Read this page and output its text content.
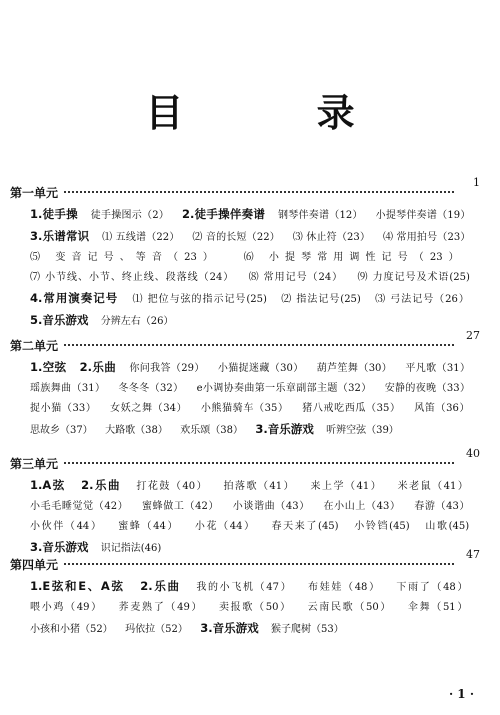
目 录
第一单元
1
1.徒手操 徒手操图示（2） 2.徒手操伴奏谱 钢琴伴奏谱（12） 小提琴伴奏谱（19）  3.乐谱常识 ⑴ 五线谱（22） ⑵ 音的长短（22） ⑶ 休止符（23） ⑷ 常用拍号（23）  ⑸ 变音记号、等音（23） ⑹ 小提琴常用调性记号（23）  ⑺ 小节线、小节、终止线、段落线（24） ⑻ 常用记号（24） ⑼ 力度记号及术语(25)  4.常用演奏记号 ⑴ 把位与弦的指示记号(25) ⑵ 指法记号(25) ⑶ 弓法记号（26）  5.音乐游戏 分辨左右（26）
第二单元
27
1.空弦 2.乐曲 你问我答（29） 小猫捉迷藏（30） 葫芦笙舞（30） 平凡歌（31）  瑶族舞曲（31） 冬冬冬（32） e小调协奏曲第一乐章副部主题（32） 安静的夜晚（33）  捉小猫（33） 女妖之舞（34） 小熊猫骑车（35） 猪八戒吃西瓜（35） 风笛（36）  思故乡（37） 大路歌（38） 欢乐颂（38） 3.音乐游戏 听辨空弦（39）
第三单元
40
1.A弦 2.乐曲 打花鼓（40） 拍落歌（41） 来上学（41） 米老鼠（41）  小毛毛睡觉觉（42） 蜜蜂做工（42） 小谈谐曲（43） 在小山上（43） 春游（43）  小伙伴（44） 蜜蜂（44） 小花（44） 春天来了(45) 小铃铛(45) 山歌(45)  3.音乐游戏 识记指法(46)
第四单元
47
1.E弦和E、A弦 2.乐曲 我的小飞机（47） 布娃娃（48） 下雨了（48）  喂小鸡（49） 荞麦熟了（49） 卖报歌（50） 云南民歌（50） 伞舞（51）  小孩和小猪（52） 玛依拉（52） 3.音乐游戏 猴子爬树（53）
· 1 ·
